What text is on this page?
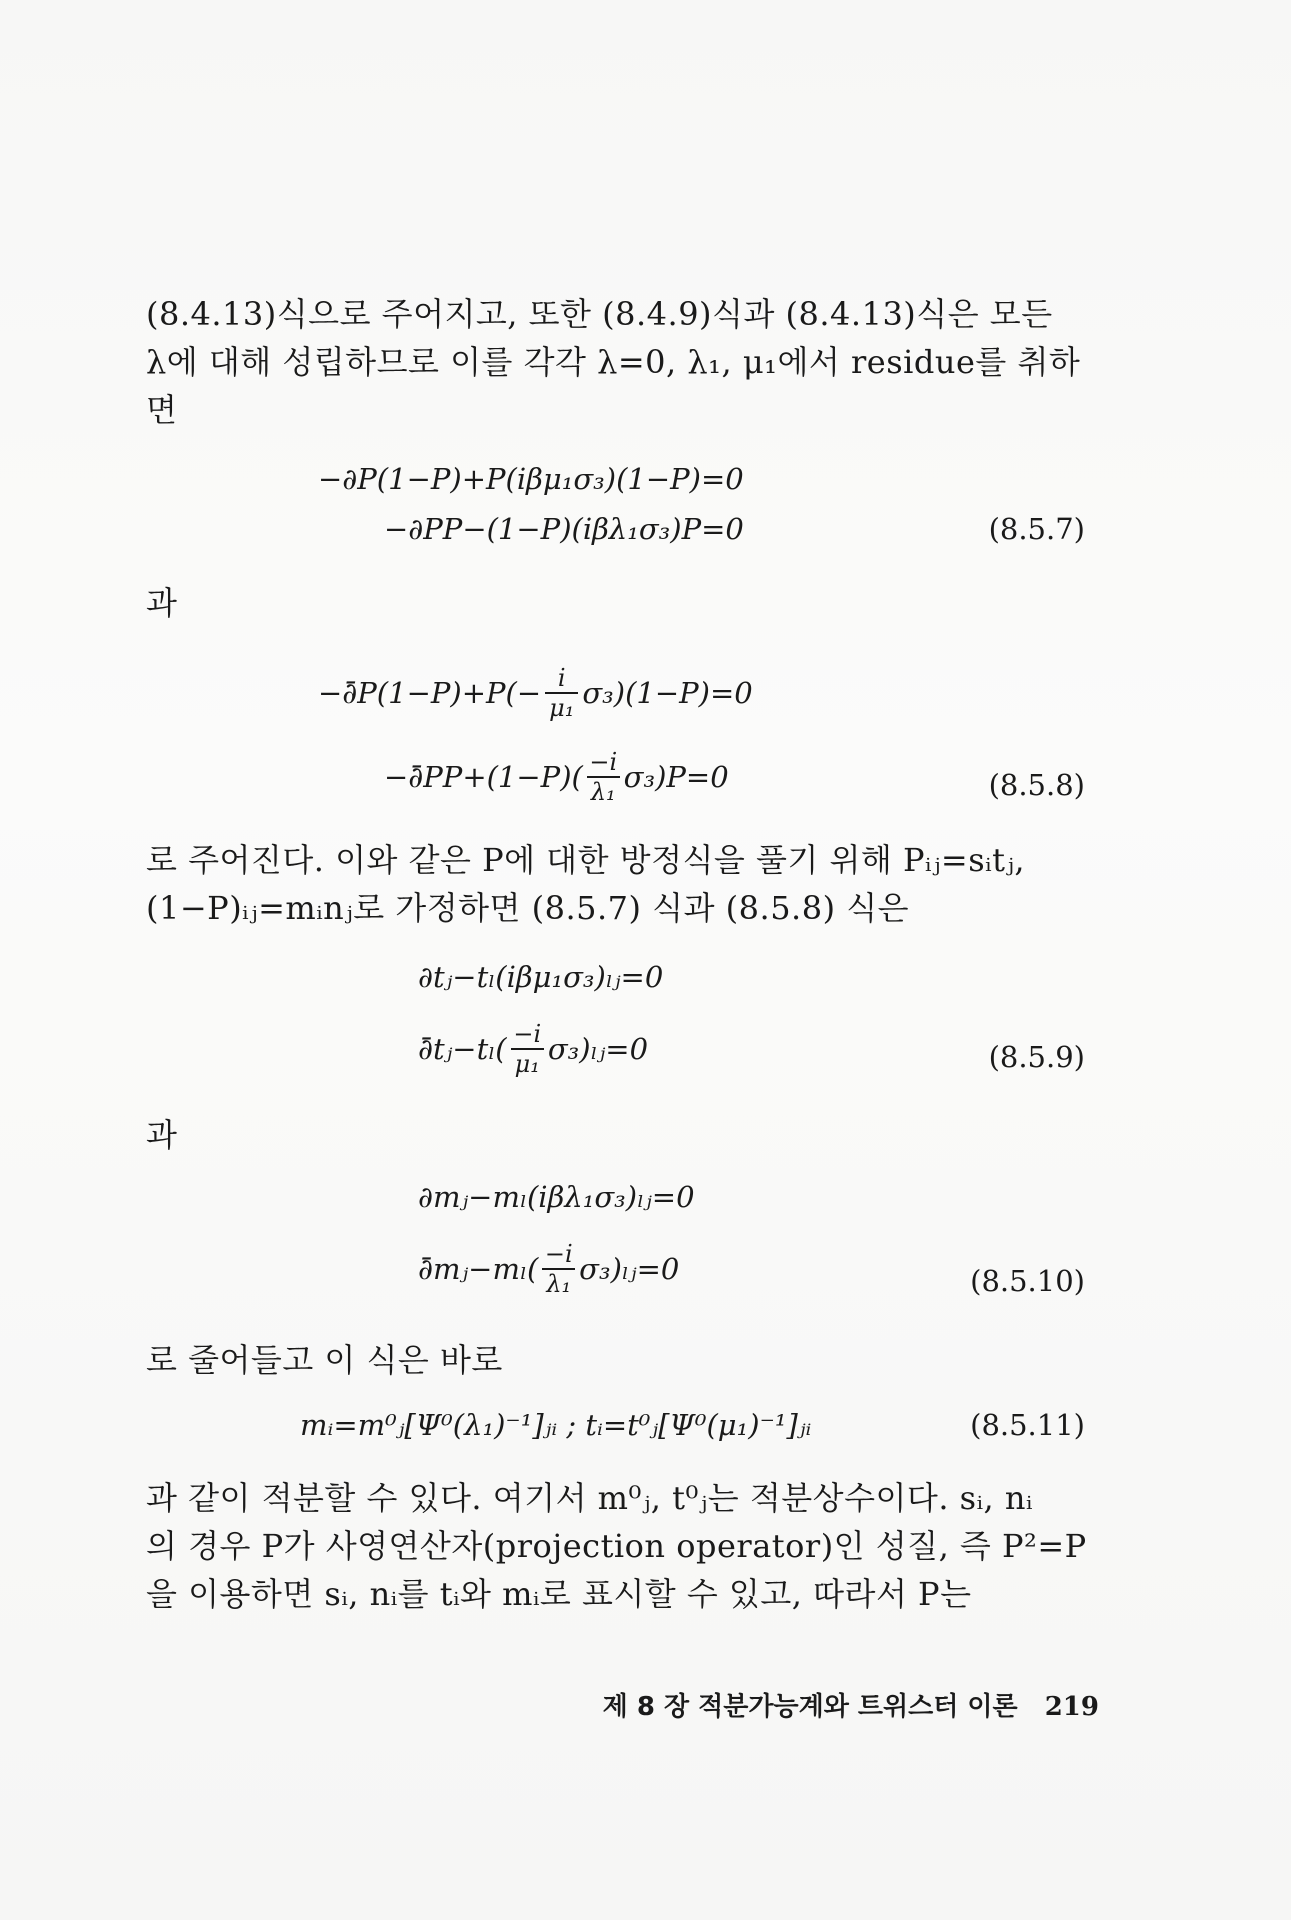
(8.4.13)식으로 주어지고, 또한 (8.4.9)식과 (8.4.13)식은 모든
λ에 대해 성립하므로 이를 각각 λ=0, λ₁, μ₁에서 residue를 취하
면
−∂P(1−P)+P(iβμ₁σ₃)(1−P)=0
−∂PP−(1−P)(iβλ₁σ₃)P=0	(8.5.7)
과
−∂̄P(1−P)+P(− $\frac{i}{\text{μ₁}} \sigma_3)(1-P)=0$
−∂̄PP+(1−P)( $\frac{-i}{\text{λ₁}} \sigma_3)P=0$	(8.5.8)
로 주어진다. 이와 같은 P에 대한 방정식을 풀기 위해 Pᵢⱼ=sᵢtⱼ,
(1−P)ᵢⱼ=mᵢnⱼ로 가정하면 (8.5.7) 식과 (8.5.8) 식은
∂tⱼ−tₗ(iβμ₁σ₃)ₗⱼ=0
∂̄tⱼ−tₗ( $\frac{-i}{\text{μ₁}}$ σ₃)ₗⱼ=0	(8.5.9)
과
∂mⱼ−mₗ(iβλ₁σ₃)ₗⱼ=0
∂̄mⱼ−mₗ( $\frac{-i}{\text{λ₁}}$ σ₃)ₗⱼ=0	(8.5.10)
로 줄어들고 이 식은 바로
mᵢ=m⁰ⱼ[Ψ⁰(λ₁)⁻¹]ⱼᵢ ; tᵢ=t⁰ⱼ[Ψ⁰(μ₁)⁻¹]ⱼᵢ	(8.5.11)
과 같이 적분할 수 있다. 여기서 m⁰ⱼ, t⁰ⱼ는 적분상수이다. sᵢ, nᵢ
의 경우 P가 사영연산자(projection operator)인 성질, 즉 P²=P
을 이용하면 sᵢ, nᵢ를 tᵢ와 mᵢ로 표시할 수 있고, 따라서 P는
제 8 장 적분가능계와 트위스터 이론 219
